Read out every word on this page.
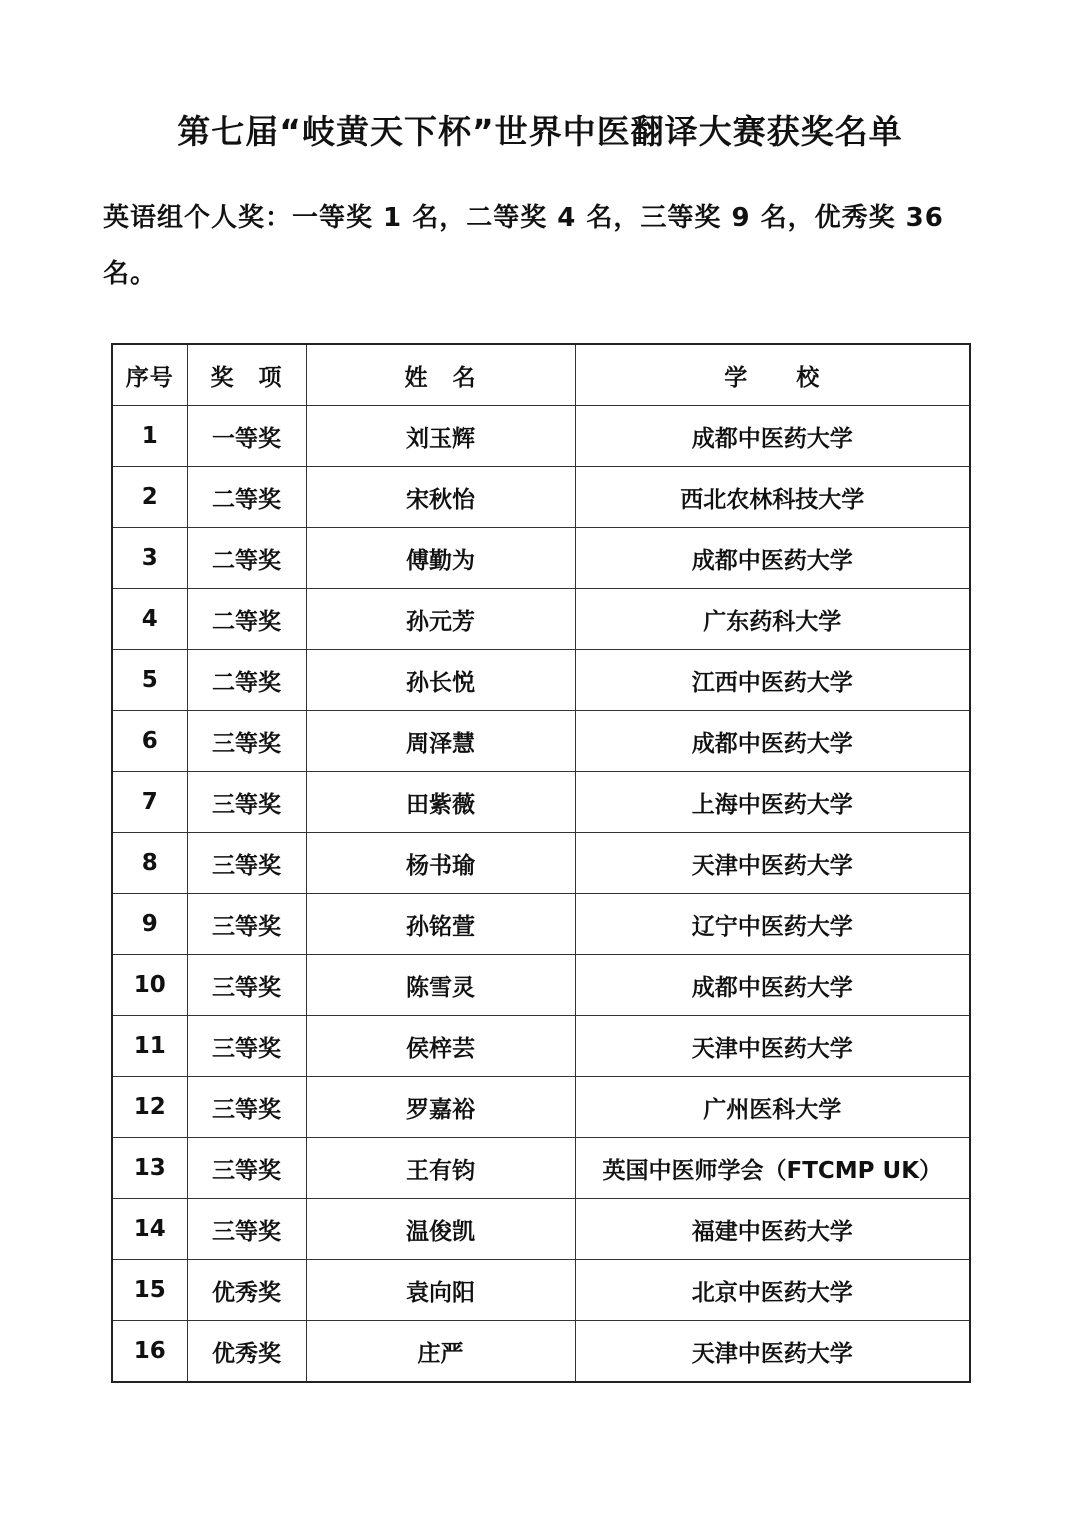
第七届“岐黄天下杯”世界中医翻译大赛获奖名单
英语组个人奖：一等奖 1 名，二等奖 4 名，三等奖 9 名，优秀奖 36 名。
序号	奖　项	姓　名	学　　校
1	一等奖	刘玉辉	成都中医药大学
2	二等奖	宋秋怡	西北农林科技大学
3	二等奖	傅勤为	成都中医药大学
4	二等奖	孙元芳	广东药科大学
5	二等奖	孙长悦	江西中医药大学
6	三等奖	周泽慧	成都中医药大学
7	三等奖	田紫薇	上海中医药大学
8	三等奖	杨书瑜	天津中医药大学
9	三等奖	孙铭萱	辽宁中医药大学
10	三等奖	陈雪灵	成都中医药大学
11	三等奖	侯梓芸	天津中医药大学
12	三等奖	罗嘉裕	广州医科大学
13	三等奖	王有钧	英国中医师学会（FTCMP UK）
14	三等奖	温俊凯	福建中医药大学
15	优秀奖	袁向阳	北京中医药大学
16	优秀奖	庄严	天津中医药大学
